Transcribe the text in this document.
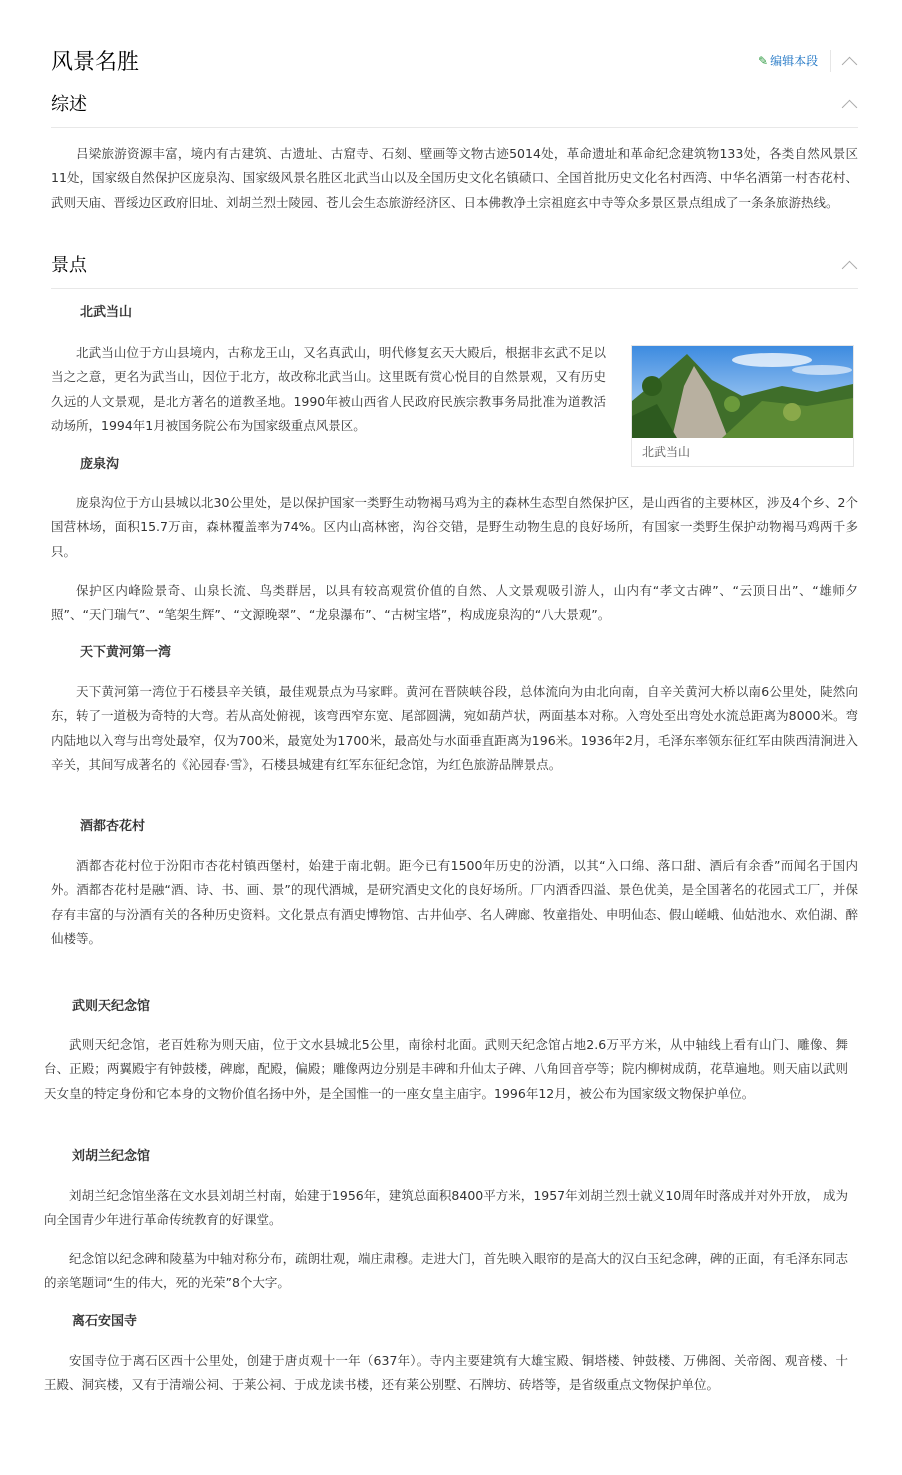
风景名胜	✎ 编辑本段
综述

吕梁旅游资源丰富，境内有古建筑、古遗址、古窟寺、石刻、壁画等文物古迹5014处，革命遗址和革命纪念建筑物133处，各类自然风景区11处，国家级自然保护区庞泉沟、国家级风景名胜区北武当山以及全国历史文化名镇碛口、全国首批历史文化名村西湾、中华名酒第一村杏花村、武则天庙、晋绥边区政府旧址、刘胡兰烈士陵园、苍儿会生态旅游经济区、日本佛教净土宗祖庭玄中寺等众多景区景点组成了一条条旅游热线。

景点
北武当山
北武当山

北武当山位于方山县境内，古称龙王山，又名真武山，明代修复玄天大殿后，根据非玄武不足以当之之意，更名为武当山，因位于北方，故改称北武当山。这里既有赏心悦目的自然景观，又有历史久远的人文景观，是北方著名的道教圣地。1990年被山西省人民政府民族宗教事务局批准为道教活动场所，1994年1月被国务院公布为国家级重点风景区。

庞泉沟

庞泉沟位于方山县城以北30公里处，是以保护国家一类野生动物褐马鸡为主的森林生态型自然保护区，是山西省的主要林区，涉及4个乡、2个国营林场，面积15.7万亩，森林覆盖率为74%。区内山高林密，沟谷交错，是野生动物生息的良好场所，有国家一类野生保护动物褐马鸡两千多只。

保护区内峰险景奇、山泉长流、鸟类群居，以具有较高观赏价值的自然、人文景观吸引游人，山内有“孝文古碑”、“云顶日出”、“雄师夕照”、“天门瑞气”、“笔架生辉”、“文源晚翠”、“龙泉瀑布”、“古树宝塔”，构成庞泉沟的“八大景观”。

天下黄河第一湾

天下黄河第一湾位于石楼县辛关镇，最佳观景点为马家畔。黄河在晋陕峡谷段，总体流向为由北向南，自辛关黄河大桥以南6公里处，陡然向东，转了一道极为奇特的大弯。若从高处俯视，该弯西窄东宽、尾部圆满，宛如葫芦状，两面基本对称。入弯处至出弯处水流总距离为8000米。弯内陆地以入弯与出弯处最窄，仅为700米，最宽处为1700米，最高处与水面垂直距离为196米。1936年2月，毛泽东率领东征红军由陕西清涧进入辛关，其间写成著名的《沁园春·雪》，石楼县城建有红军东征纪念馆，为红色旅游品牌景点。

酒都杏花村

酒都杏花村位于汾阳市杏花村镇西堡村，始建于南北朝。距今已有1500年历史的汾酒，以其“入口绵、落口甜、酒后有余香”而闻名于国内外。酒都杏花村是融“酒、诗、书、画、景”的现代酒城，是研究酒史文化的良好场所。厂内酒香四溢、景色优美，是全国著名的花园式工厂，并保存有丰富的与汾酒有关的各种历史资料。文化景点有酒史博物馆、古井仙亭、名人碑廊、牧童指处、申明仙态、假山嵯峨、仙姑池水、欢伯湖、醉仙楼等。

武则天纪念馆

武则天纪念馆，老百姓称为则天庙，位于文水县城北5公里，南徐村北面。武则天纪念馆占地2.6万平方米，从中轴线上看有山门、雕像、舞台、正殿；两翼殿宇有钟鼓楼，碑廊，配殿，偏殿；雕像两边分别是丰碑和升仙太子碑、八角回音亭等；院内柳树成荫，花草遍地。则天庙以武则天女皇的特定身份和它本身的文物价值名扬中外，是全国惟一的一座女皇主庙宇。1996年12月，被公布为国家级文物保护单位。

刘胡兰纪念馆

刘胡兰纪念馆坐落在文水县刘胡兰村南，始建于1956年，建筑总面积8400平方米，1957年刘胡兰烈士就义10周年时落成并对外开放， 成为向全国青少年进行革命传统教育的好课堂。

纪念馆以纪念碑和陵墓为中轴对称分布，疏朗壮观，端庄肃穆。走进大门，首先映入眼帘的是高大的汉白玉纪念碑，碑的正面，有毛泽东同志的亲笔题词“生的伟大，死的光荣”8个大字。

离石安国寺

安国寺位于离石区西十公里处，创建于唐贞观十一年（637年）。寺内主要建筑有大雄宝殿、铜塔楼、钟鼓楼、万佛阁、关帝阁、观音楼、十王殿、洞宾楼，又有于清端公祠、于莱公祠、于成龙读书楼，还有莱公别墅、石牌坊、砖塔等，是省级重点文物保护单位。
